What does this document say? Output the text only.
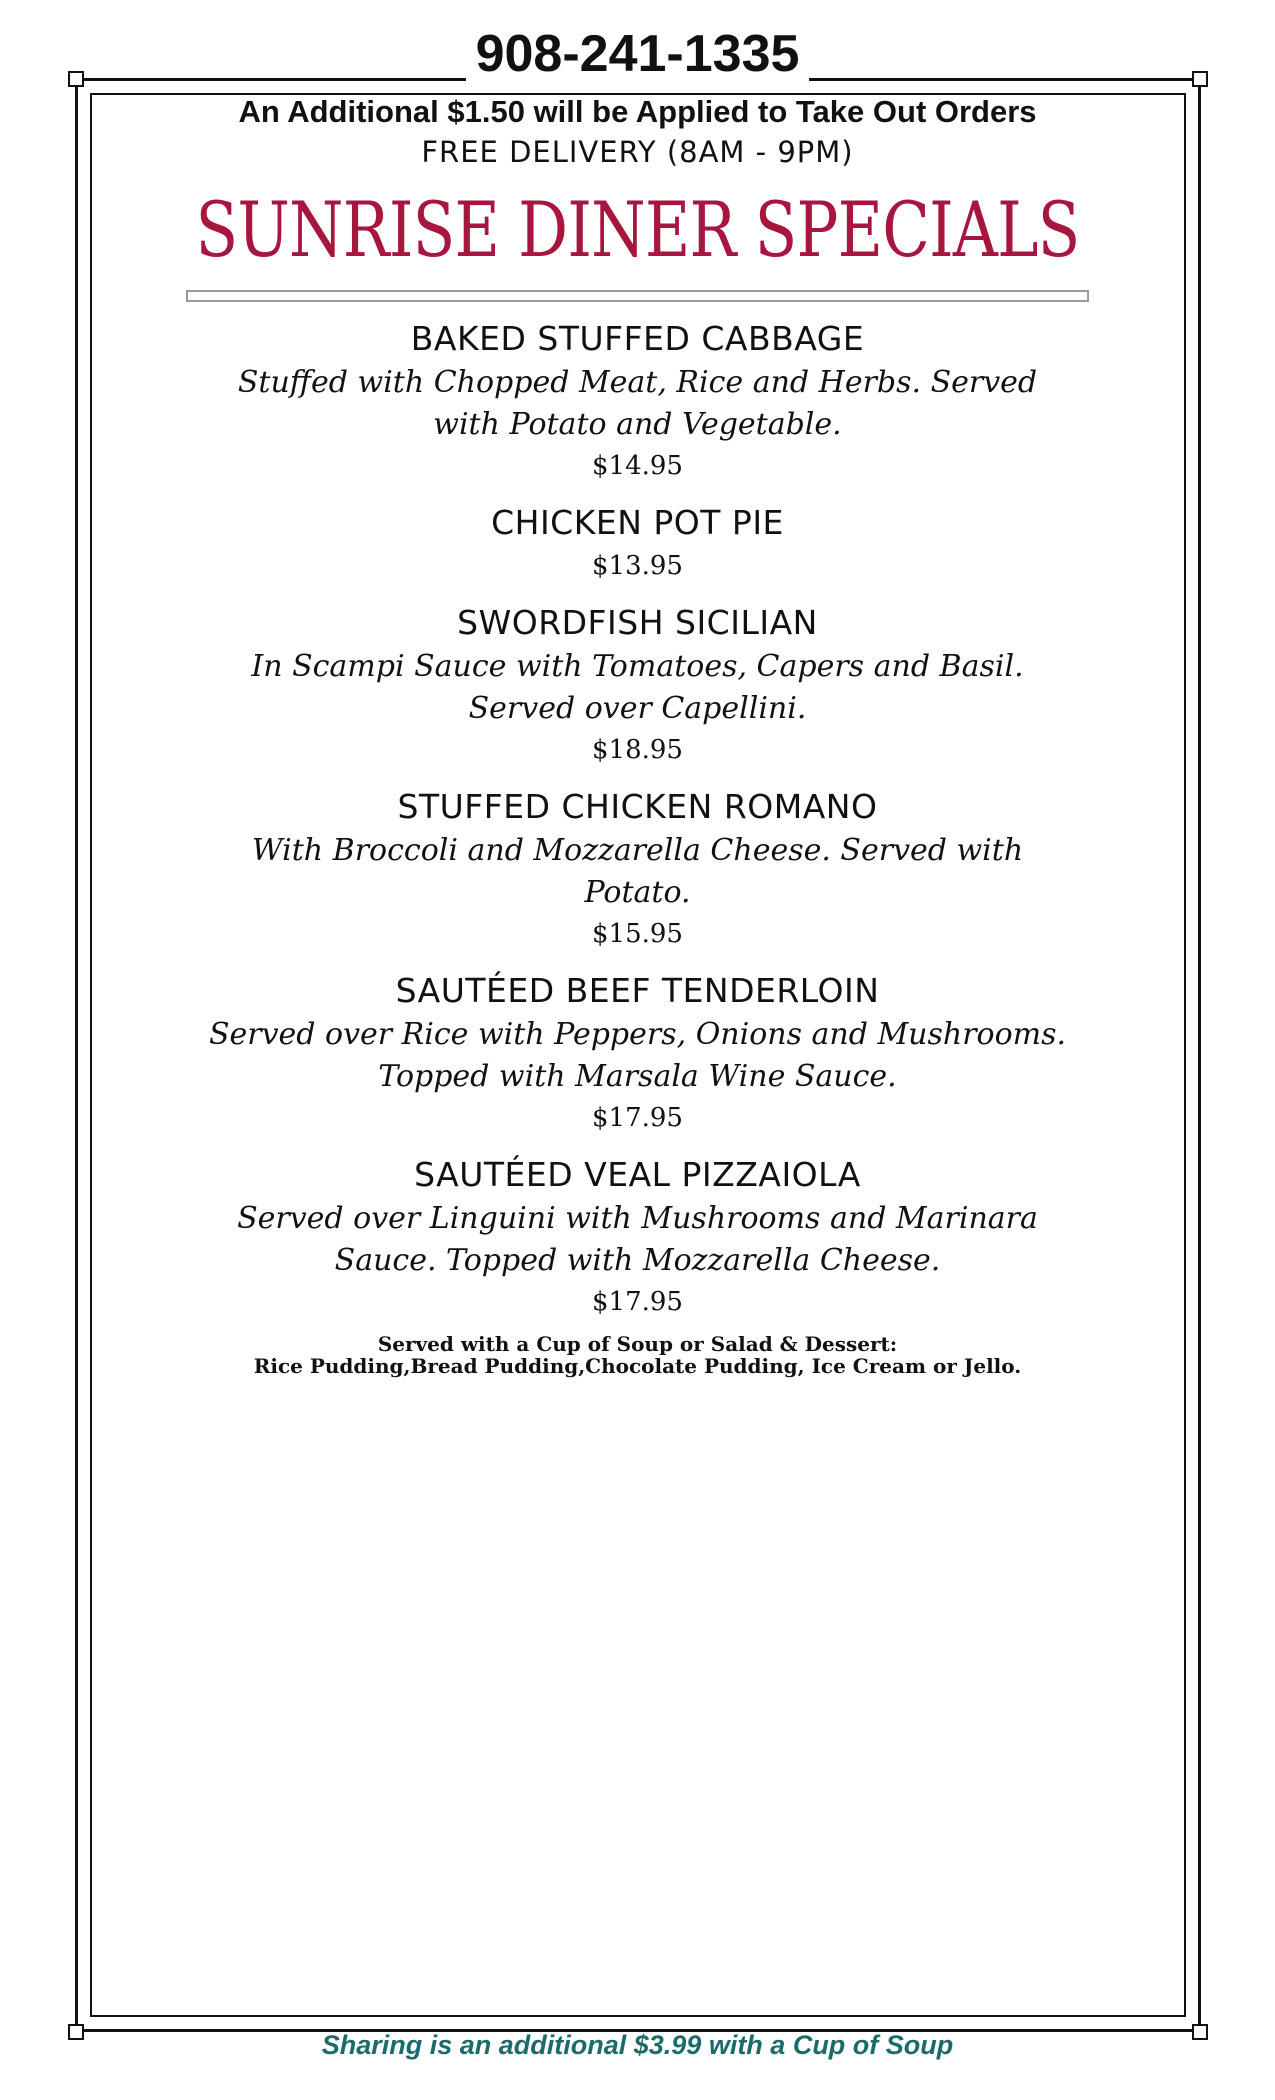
908-241-1335
An Additional $1.50 will be Applied to Take Out Orders
FREE DELIVERY (8AM - 9PM)
SUNRISE DINER SPECIALS
BAKED STUFFED CABBAGE
Stuffed with Chopped Meat, Rice and Herbs. Served with Potato and Vegetable.
$14.95
CHICKEN POT PIE
$13.95
SWORDFISH SICILIAN
In Scampi Sauce with Tomatoes, Capers and Basil. Served over Capellini.
$18.95
STUFFED CHICKEN ROMANO
With Broccoli and Mozzarella Cheese. Served with Potato.
$15.95
SAUTÉED BEEF TENDERLOIN
Served over Rice with Peppers, Onions and Mushrooms. Topped with Marsala Wine Sauce.
$17.95
SAUTÉED VEAL PIZZAIOLA
Served over Linguini with Mushrooms and Marinara Sauce. Topped with Mozzarella Cheese.
$17.95
Served with a Cup of Soup or Salad & Dessert:
Rice Pudding,Bread Pudding,Chocolate Pudding, Ice Cream or Jello.
Sharing is an additional $3.99 with a Cup of Soup
